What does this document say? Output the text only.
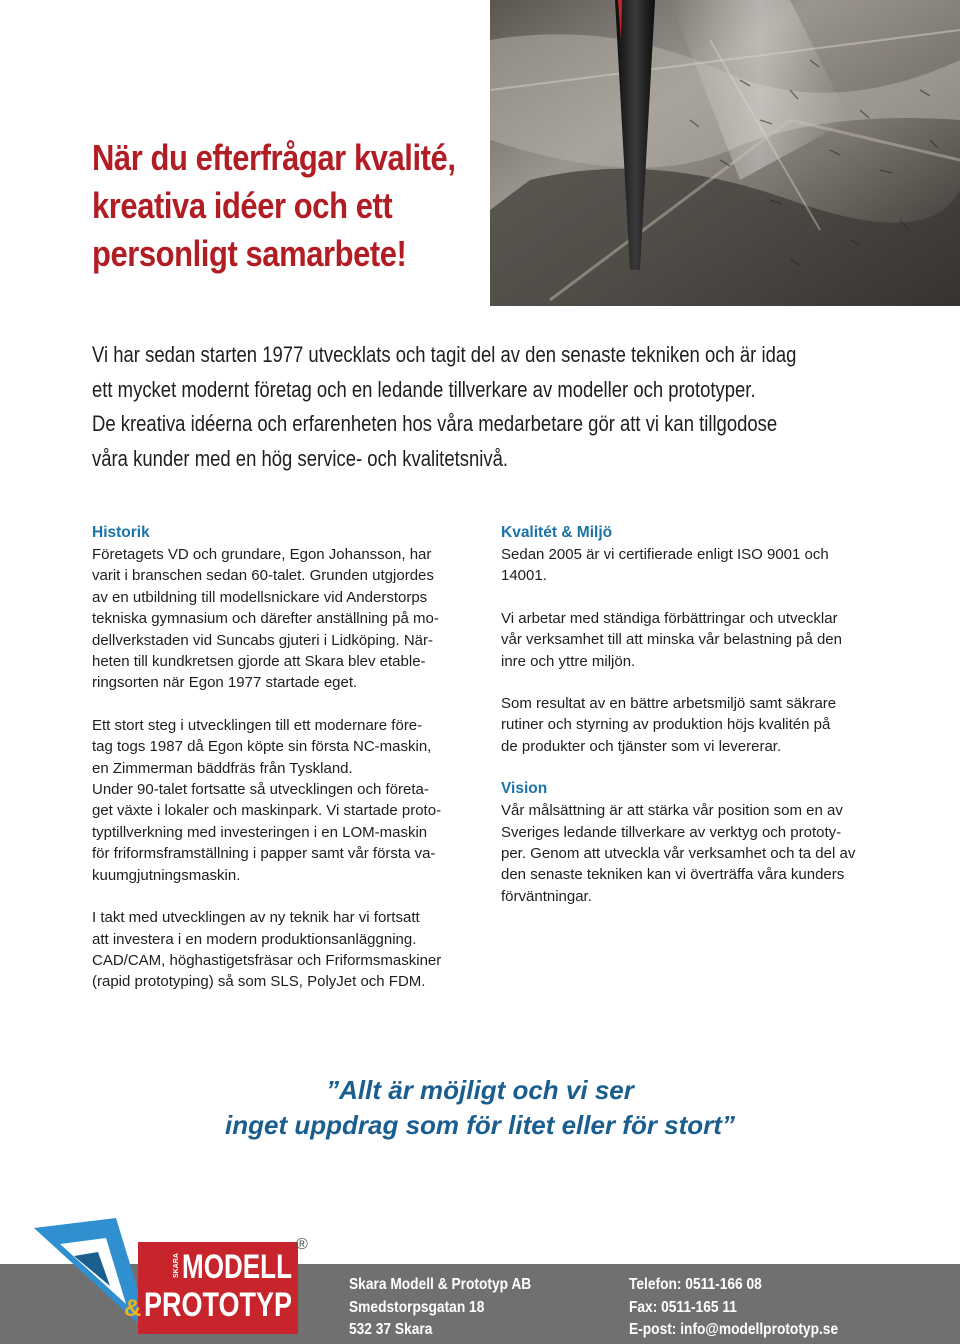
När du efterfrågar kvalité,
kreativa idéer och ett
personligt samarbete!

Vi har sedan starten 1977 utvecklats och tagit del av den senaste tekniken och är idag
ett mycket modernt företag och en ledande tillverkare av modeller och prototyper.
De kreativa idéerna och erfarenheten hos våra medarbetare gör att vi kan tillgodose
våra kunder med en hög service- och kvalitetsnivå.

Historik
Företagets VD och grundare, Egon Johansson, har
varit i branschen sedan 60-talet. Grunden utgjordes
av en utbildning till modellsnickare vid Anderstorps
tekniska gymnasium och därefter anställning på mo-
dellverkstaden vid Suncabs gjuteri i Lidköping. När-
heten till kundkretsen gjorde att Skara blev etable-
ringsorten när Egon 1977 startade eget.
Ett stort steg i utvecklingen till ett modernare före-
tag togs 1987 då Egon köpte sin första NC-maskin,
en Zimmerman bäddfräs från Tyskland.
Under 90-talet fortsatte så utvecklingen och företa-
get växte i lokaler och maskinpark. Vi startade proto-
typtillverkning med investeringen i en LOM-maskin
för friformsframställning i papper samt vår första va-
kuumgjutningsmaskin.
I takt med utvecklingen av ny teknik har vi fortsatt
att investera i en modern produktionsanläggning.
CAD/CAM, höghastigetsfräsar och Friformsmaskiner
(rapid prototyping) så som SLS, PolyJet och FDM.
Kvalitét & Miljö
Sedan 2005 är vi certifierade enligt ISO 9001 och
14001.
Vi arbetar med ständiga förbättringar och utvecklar
vår verksamhet till att minska vår belastning på den
inre och yttre miljön.
Som resultat av en bättre arbetsmiljö samt säkrare
rutiner och styrning av produktion höjs kvalitén på
de produkter och tjänster som vi levererar.
Vision
Vår målsättning är att stärka vår position som en av
Sveriges ledande tillverkare av verktyg och prototy-
per. Genom att utveckla vår verksamhet och ta del av
den senaste tekniken kan vi överträffa våra kunders
förväntningar.
”Allt är möjligt och vi ser
inget uppdrag som för litet eller för stort”
SKARA MODELL
& PROTOTYP
®
Skara Modell & Prototyp AB
Smedstorpsgatan 18
532 37 Skara
Telefon: 0511-166 08
Fax: 0511-165 11
E-post: info@modellprototyp.se
